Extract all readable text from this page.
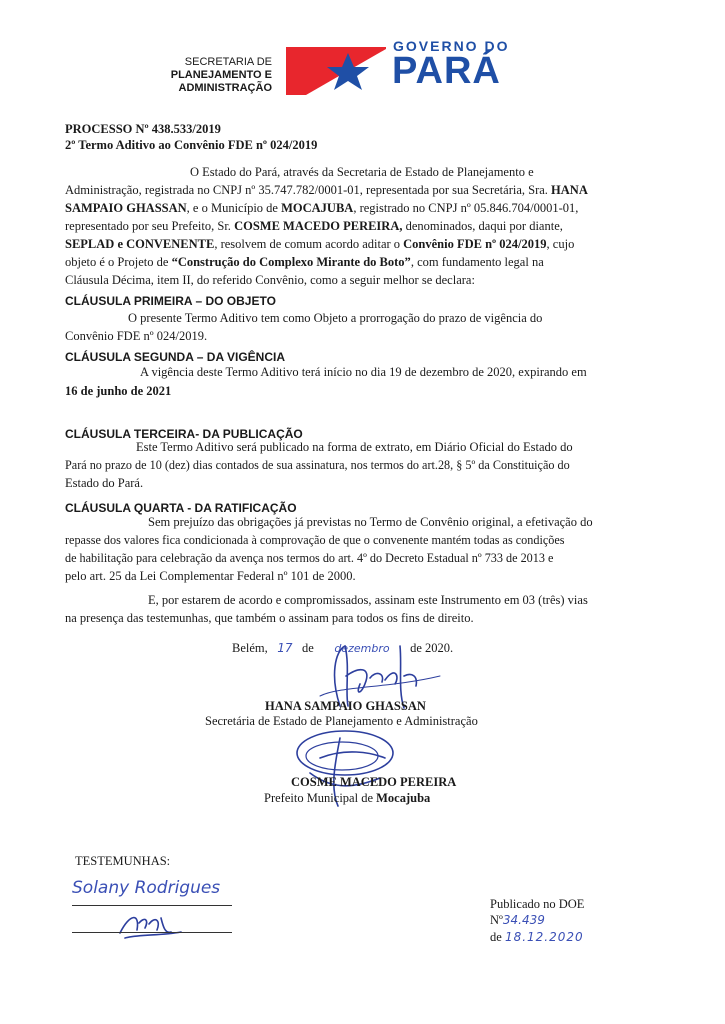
SECRETARIA DE
PLANEJAMENTO E
ADMINISTRAÇÃO
GOVERNO DO
PARÁ
PROCESSO Nº 438.533/2019
2º Termo Aditivo ao Convênio FDE nº 024/2019
O Estado do Pará, através da Secretaria de Estado de Planejamento e
Administração, registrada no CNPJ nº 35.747.782/0001-01, representada por sua Secretária, Sra. HANA
SAMPAIO GHASSAN, e o Município de MOCAJUBA, registrado no CNPJ nº 05.846.704/0001-01,
representado por seu Prefeito, Sr. COSME MACEDO PEREIRA, denominados, daqui por diante,
SEPLAD e CONVENENTE, resolvem de comum acordo aditar o Convênio FDE nº 024/2019, cujo
objeto é o Projeto de “Construção do Complexo Mirante do Boto”, com fundamento legal na
Cláusula Décima, item II, do referido Convênio, como a seguir melhor se declara:
CLÁUSULA PRIMEIRA – DO OBJETO
O presente Termo Aditivo tem como Objeto a prorrogação do prazo de vigência do
Convênio FDE nº 024/2019.
CLÁUSULA SEGUNDA – DA VIGÊNCIA
A vigência deste Termo Aditivo terá início no dia 19 de dezembro de 2020, expirando em
16 de junho de 2021
CLÁUSULA TERCEIRA- DA PUBLICAÇÃO
Este Termo Aditivo será publicado na forma de extrato, em Diário Oficial do Estado do
Pará no prazo de 10 (dez) dias contados de sua assinatura, nos termos do art.28, § 5º da Constituição do
Estado do Pará.
CLÁUSULA QUARTA - DA RATIFICAÇÃO
Sem prejuízo das obrigações já previstas no Termo de Convênio original, a efetivação do
repasse dos valores fica condicionada à comprovação de que o convenente mantém todas as condições
de habilitação para celebração da avença nos termos do art. 4º do Decreto Estadual nº 733 de 2013 e
pelo art. 25 da Lei Complementar Federal nº 101 de 2000.
E, por estarem de acordo e compromissados, assinam este Instrumento em 03 (três) vias
na presença das testemunhas, que também o assinam para todos os fins de direito.
Belém, 17 de dezembro de 2020.
HANA SAMPAIO GHASSAN
Secretária de Estado de Planejamento e Administração
COSME MACEDO PEREIRA
Prefeito Municipal de Mocajuba
TESTEMUNHAS:
Solany Rodrigues
Publicado no DOE
Nº34.439
de 18.12.2020
